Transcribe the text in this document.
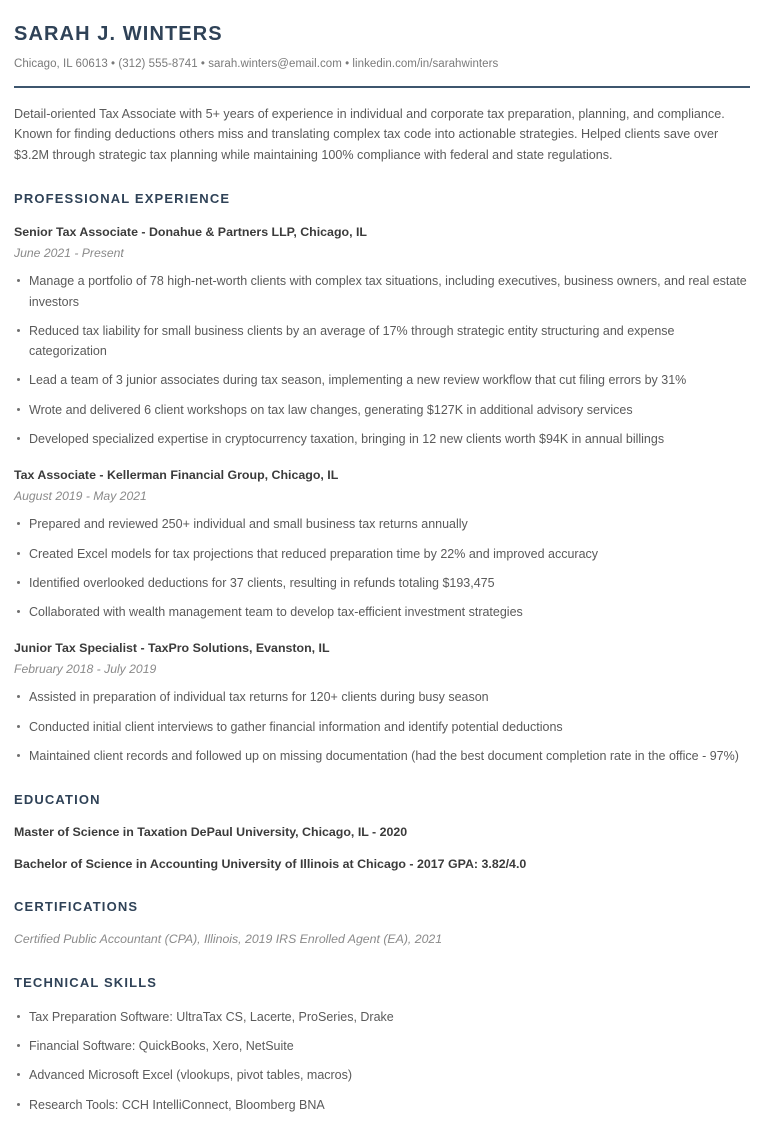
SARAH J. WINTERS
Chicago, IL 60613 • (312) 555-8741 • sarah.winters@email.com • linkedin.com/in/sarahwinters

Detail-oriented Tax Associate with 5+ years of experience in individual and corporate tax preparation, planning, and compliance. Known for finding deductions others miss and translating complex tax code into actionable strategies. Helped clients save over $3.2M through strategic tax planning while maintaining 100% compliance with federal and state regulations.

PROFESSIONAL EXPERIENCE
Senior Tax Associate - Donahue & Partners LLP, Chicago, IL
June 2021 - Present
Manage a portfolio of 78 high-net-worth clients with complex tax situations, including executives, business owners, and real estate investors
Reduced tax liability for small business clients by an average of 17% through strategic entity structuring and expense categorization
Lead a team of 3 junior associates during tax season, implementing a new review workflow that cut filing errors by 31%
Wrote and delivered 6 client workshops on tax law changes, generating $127K in additional advisory services
Developed specialized expertise in cryptocurrency taxation, bringing in 12 new clients worth $94K in annual billings
Tax Associate - Kellerman Financial Group, Chicago, IL
August 2019 - May 2021
Prepared and reviewed 250+ individual and small business tax returns annually
Created Excel models for tax projections that reduced preparation time by 22% and improved accuracy
Identified overlooked deductions for 37 clients, resulting in refunds totaling $193,475
Collaborated with wealth management team to develop tax-efficient investment strategies
Junior Tax Specialist - TaxPro Solutions, Evanston, IL
February 2018 - July 2019
Assisted in preparation of individual tax returns for 120+ clients during busy season
Conducted initial client interviews to gather financial information and identify potential deductions
Maintained client records and followed up on missing documentation (had the best document completion rate in the office - 97%)
EDUCATION
Master of Science in Taxation DePaul University, Chicago, IL - 2020
Bachelor of Science in Accounting University of Illinois at Chicago - 2017 GPA: 3.82/4.0
CERTIFICATIONS
Certified Public Accountant (CPA), Illinois, 2019 IRS Enrolled Agent (EA), 2021
TECHNICAL SKILLS
Tax Preparation Software: UltraTax CS, Lacerte, ProSeries, Drake
Financial Software: QuickBooks, Xero, NetSuite
Advanced Microsoft Excel (vlookups, pivot tables, macros)
Research Tools: CCH IntelliConnect, Bloomberg BNA
